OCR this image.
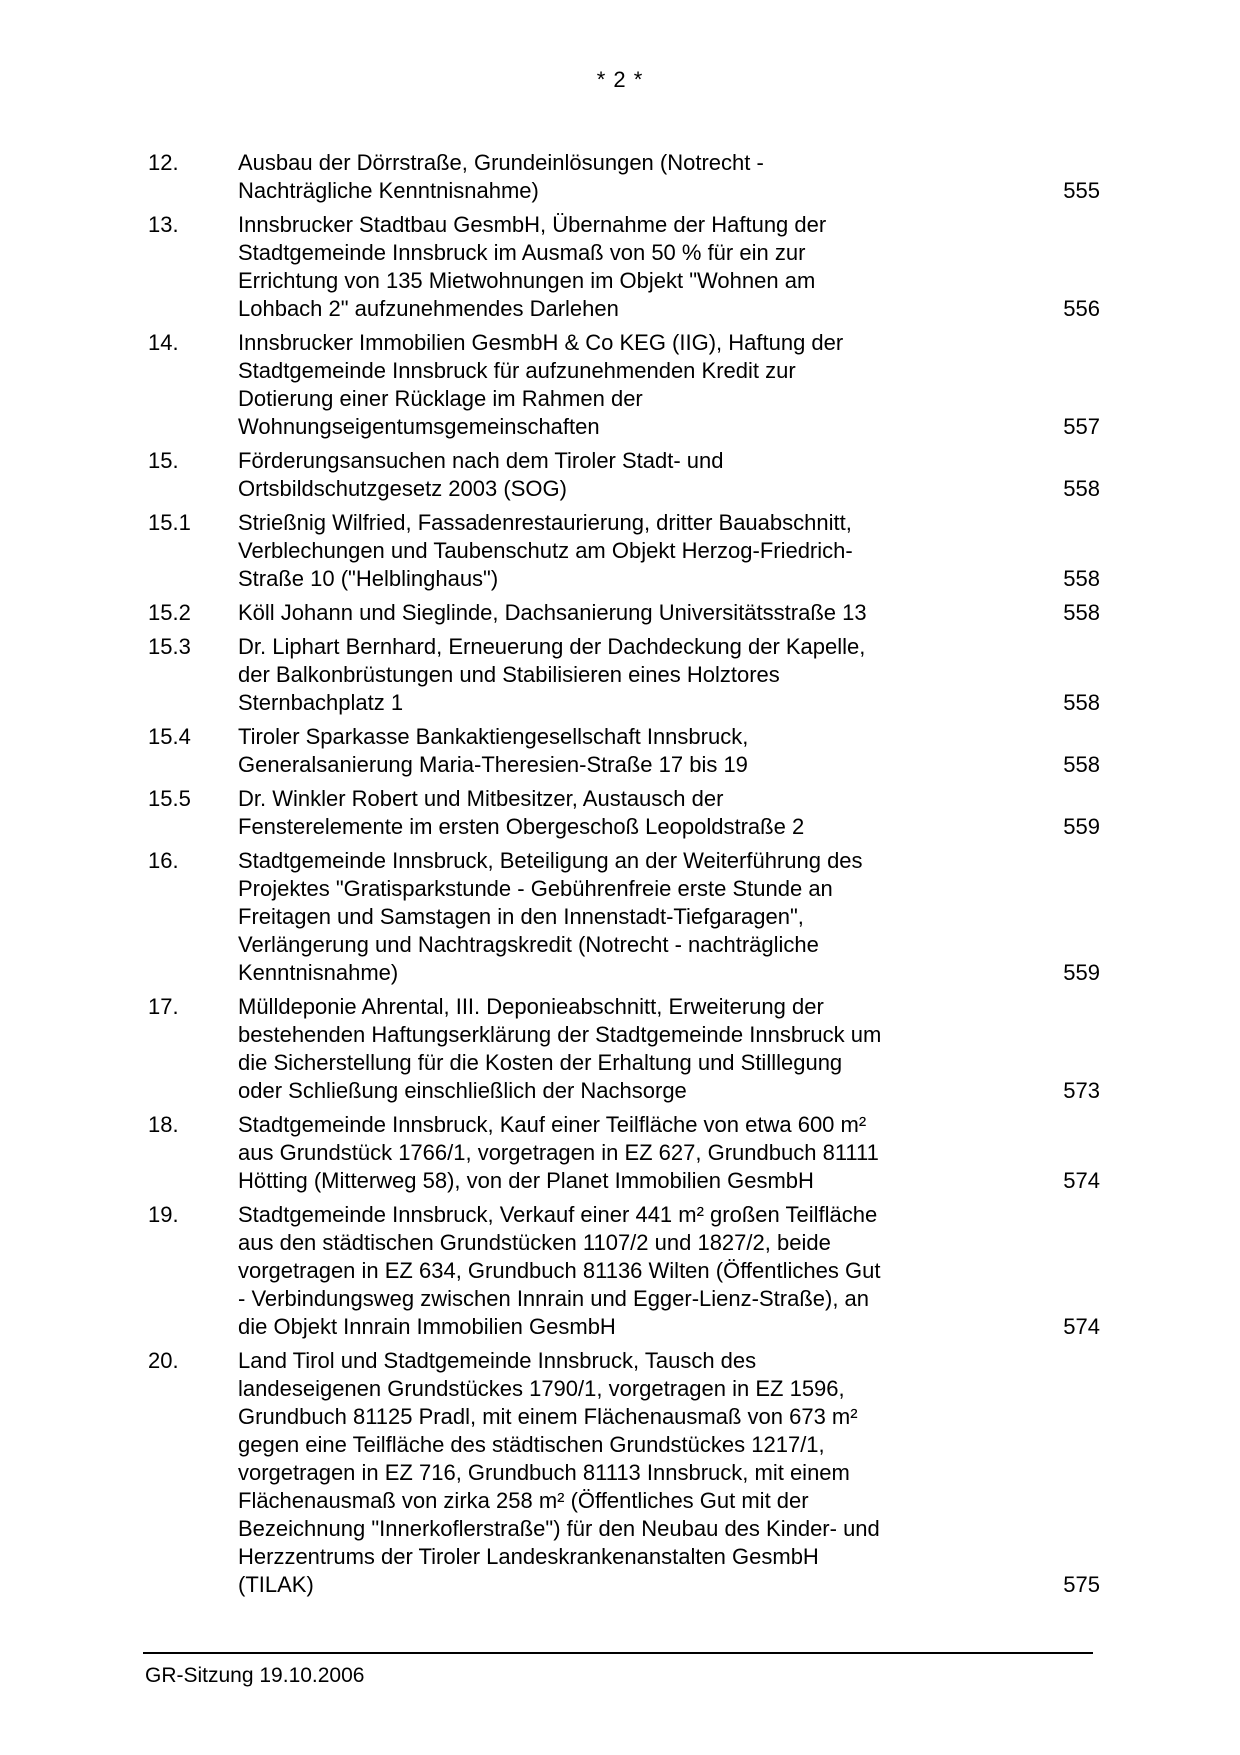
* 2 *
12.	Ausbau der Dörrstraße, Grundeinlösungen (Notrecht -
Nachträgliche Kenntnisnahme)	555
13.	Innsbrucker Stadtbau GesmbH, Übernahme der Haftung der
Stadtgemeinde Innsbruck im Ausmaß von 50 % für ein zur
Errichtung von 135 Mietwohnungen im Objekt "Wohnen am
Lohbach 2" aufzunehmendes Darlehen	556
14.	Innsbrucker Immobilien GesmbH & Co KEG (IIG), Haftung der
Stadtgemeinde Innsbruck für aufzunehmenden Kredit zur
Dotierung einer Rücklage im Rahmen der
Wohnungseigentumsgemeinschaften	557
15.	Förderungsansuchen nach dem Tiroler Stadt- und
Ortsbildschutzgesetz 2003 (SOG)	558
15.1	Strießnig Wilfried, Fassadenrestaurierung, dritter Bauabschnitt,
Verblechungen und Taubenschutz am Objekt Herzog-Friedrich-
Straße 10 ("Helblinghaus")	558
15.2	Köll Johann und Sieglinde, Dachsanierung Universitätsstraße 13	558
15.3	Dr. Liphart Bernhard, Erneuerung der Dachdeckung der Kapelle,
der Balkonbrüstungen und Stabilisieren eines Holztores
Sternbachplatz 1	558
15.4	Tiroler Sparkasse Bankaktiengesellschaft Innsbruck,
Generalsanierung Maria-Theresien-Straße 17 bis 19	558
15.5	Dr. Winkler Robert und Mitbesitzer, Austausch der
Fensterelemente im ersten Obergeschoß Leopoldstraße 2	559
16.	Stadtgemeinde Innsbruck, Beteiligung an der Weiterführung des
Projektes "Gratisparkstunde - Gebührenfreie erste Stunde an
Freitagen und Samstagen in den Innenstadt-Tiefgaragen",
Verlängerung und Nachtragskredit (Notrecht - nachträgliche
Kenntnisnahme)	559
17.	Mülldeponie Ahrental, III. Deponieabschnitt, Erweiterung der
bestehenden Haftungserklärung der Stadtgemeinde Innsbruck um
die Sicherstellung für die Kosten der Erhaltung und Stilllegung
oder Schließung einschließlich der Nachsorge	573
18.	Stadtgemeinde Innsbruck, Kauf einer Teilfläche von etwa 600 m²
aus Grundstück 1766/1, vorgetragen in EZ 627, Grundbuch 81111
Hötting (Mitterweg 58), von der Planet Immobilien GesmbH	574
19.	Stadtgemeinde Innsbruck, Verkauf einer 441 m² großen Teilfläche
aus den städtischen Grundstücken 1107/2 und 1827/2, beide
vorgetragen in EZ 634, Grundbuch 81136 Wilten (Öffentliches Gut
- Verbindungsweg zwischen Innrain und Egger-Lienz-Straße), an
die Objekt Innrain Immobilien GesmbH	574
20.	Land Tirol und Stadtgemeinde Innsbruck, Tausch des
landeseigenen Grundstückes 1790/1, vorgetragen in EZ 1596,
Grundbuch 81125 Pradl, mit einem Flächenausmaß von 673 m²
gegen eine Teilfläche des städtischen Grundstückes 1217/1,
vorgetragen in EZ 716, Grundbuch 81113 Innsbruck, mit einem
Flächenausmaß von zirka 258 m² (Öffentliches Gut mit der
Bezeichnung "Innerkoflerstraße") für den Neubau des Kinder- und
Herzzentrums der Tiroler Landeskrankenanstalten GesmbH
(TILAK)	575
GR-Sitzung 19.10.2006
